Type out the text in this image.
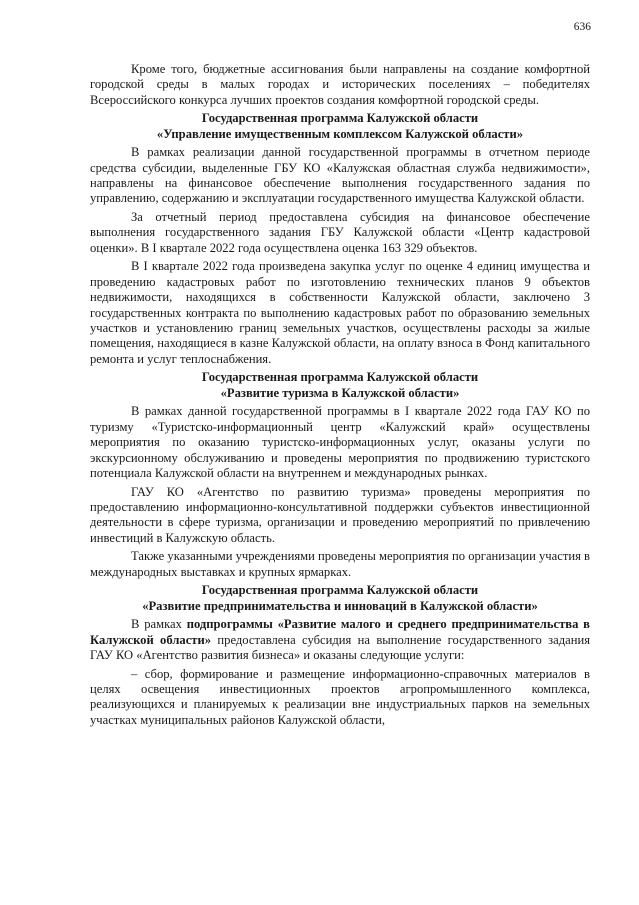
636

Кроме того, бюджетные ассигнования были направлены на создание комфортной городской среды в малых городах и исторических поселениях – победителях Всероссийского конкурса лучших проектов создания комфортной городской среды.

Государственная программа Калужской области
«Управление имущественным комплексом Калужской области»

В рамках реализации данной государственной программы в отчетном периоде средства субсидии, выделенные ГБУ КО «Калужская областная служба недвижимости», направлены на финансовое обеспечение выполнения государственного задания по управлению, содержанию и эксплуатации государственного имущества Калужской области.

За отчетный период предоставлена субсидия на финансовое обеспечение выполнения государственного задания ГБУ Калужской области «Центр кадастровой оценки». В I квартале 2022 года осуществлена оценка 163 329 объектов.

В I квартале 2022 года произведена закупка услуг по оценке 4 единиц имущества и проведению кадастровых работ по изготовлению технических планов 9 объектов недвижимости, находящихся в собственности Калужской области, заключено 3 государственных контракта по выполнению кадастровых работ по образованию земельных участков и установлению границ земельных участков, осуществлены расходы за жилые помещения, находящиеся в казне Калужской области, на оплату взноса в Фонд капитального ремонта и услуг теплоснабжения.

Государственная программа Калужской области
«Развитие туризма в Калужской области»

В рамках данной государственной программы в I квартале 2022 года ГАУ КО по туризму «Туристско-информационный центр «Калужский край» осуществлены мероприятия по оказанию туристско-информационных услуг, оказаны услуги по экскурсионному обслуживанию и проведены мероприятия по продвижению туристского потенциала Калужской области на внутреннем и международных рынках.

ГАУ КО «Агентство по развитию туризма» проведены мероприятия по предоставлению информационно-консультативной поддержки субъектов инвестиционной деятельности в сфере туризма, организации и проведению мероприятий по привлечению инвестиций в Калужскую область.

Также указанными учреждениями проведены мероприятия по организации участия в международных выставках и крупных ярмарках.

Государственная программа Калужской области
«Развитие предпринимательства и инноваций в Калужской области»

В рамках подпрограммы «Развитие малого и среднего предпринимательства в Калужской области» предоставлена субсидия на выполнение государственного задания ГАУ КО «Агентство развития бизнеса» и оказаны следующие услуги:

– сбор, формирование и размещение информационно-справочных материалов в целях освещения инвестиционных проектов агропромышленного комплекса, реализующихся и планируемых к реализации вне индустриальных парков на земельных участках муниципальных районов Калужской области,
